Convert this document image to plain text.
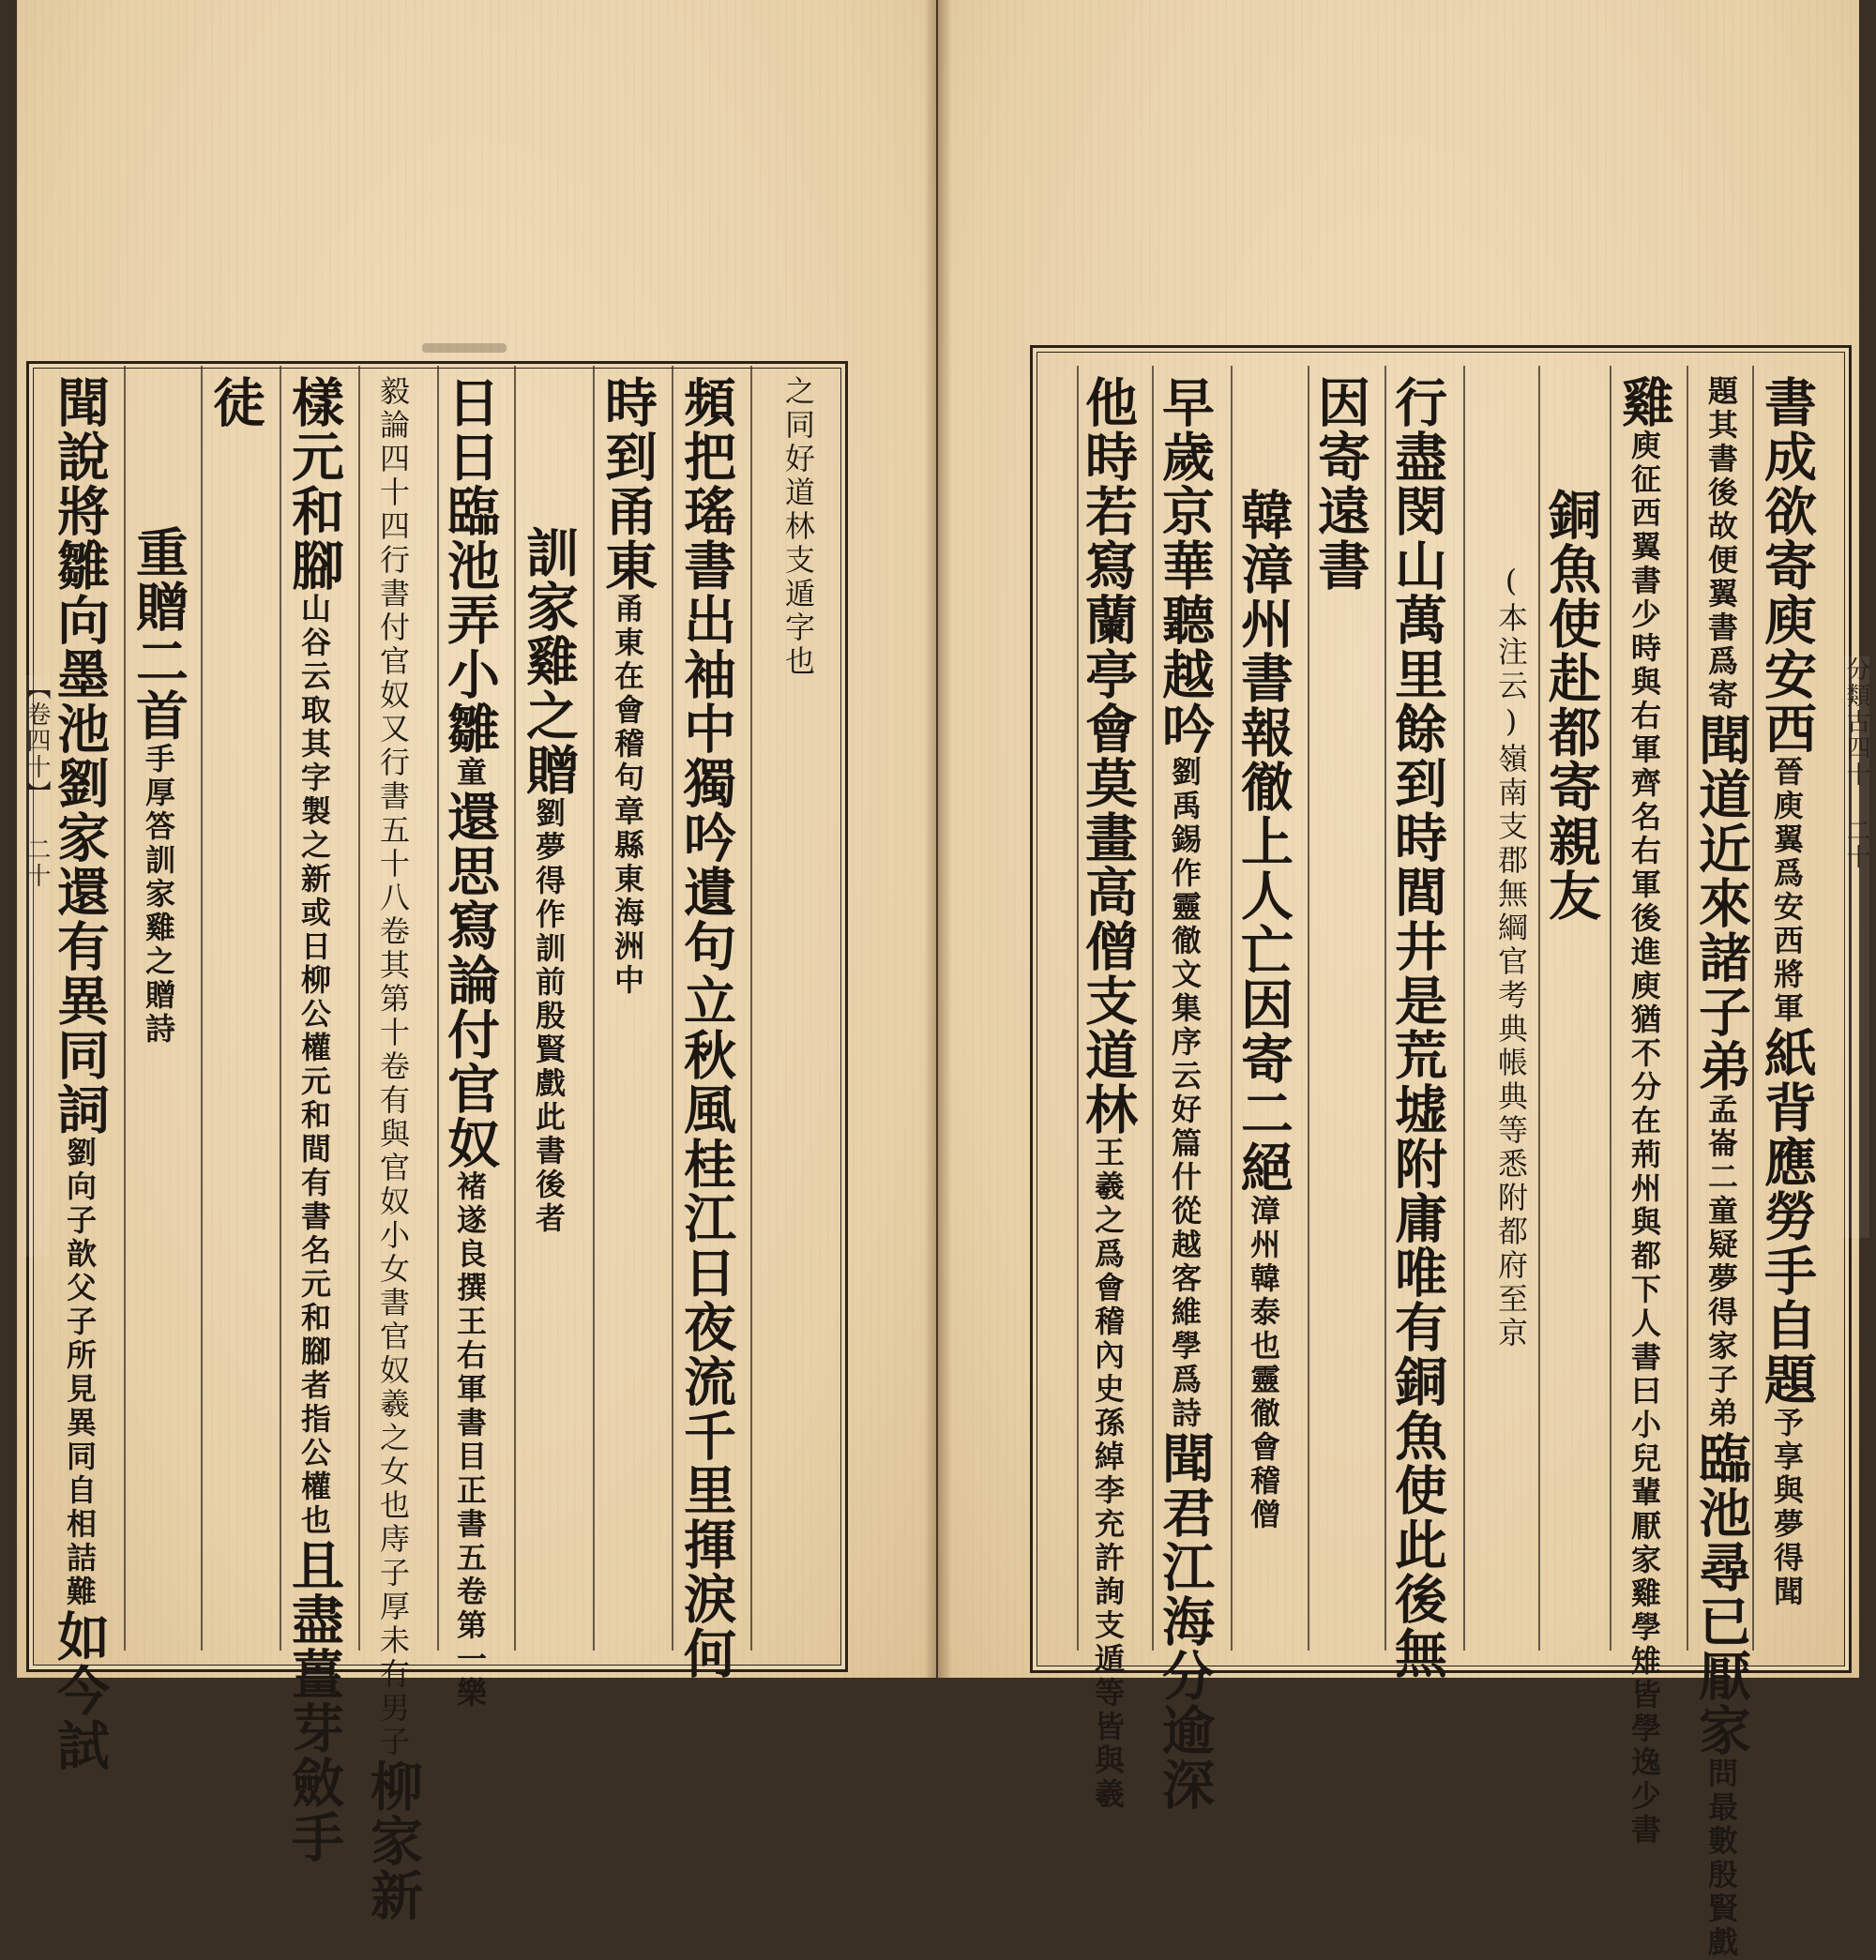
【卷四十】 二十	分類古四十 二十
書成欲寄庾安西晉庾翼爲安西將軍紙背應勞手自題予享與夢得聞
題其書後故便翼書爲寄聞道近來諸子弟孟崙二童疑夢得家子弟臨池尋已厭家問最數殷賢戲
雞庾征西翼書少時與右軍齊名右軍後進庾猶不分在荊州與都下人書曰小兒輩厭家雞學雉皆學逸少書
銅魚使赴都寄親友
(本注云)嶺南支郡無綱官考典帳典等悉附都府至京
行盡閔山萬里餘到時閭井是荒墟附庸唯有銅魚使此後無
因寄遠書
韓漳州書報徹上人亡因寄二絕漳州韓泰也靈徹會稽僧
早歲京華聽越吟劉禹錫作靈徹文集序云好篇什從越客維學爲詩聞君江海分逾深
他時若寫蘭亭會莫畫高僧支道林王羲之爲會稽內史孫綽李充許詢支遁等皆與羲
之同好道林支遁字也
頻把瑤書出袖中獨吟遺句立秋風桂江日夜流千里揮淚何
時到甬東甬東在會稽句章縣東海洲中
訓家雞之贈劉夢得作訓前殷賢戲此書後者
日日臨池弄小雛童還思寫論付官奴褚遂良撰王右軍書目正書五卷第一樂
毅論四十四行書付官奴又行書五十八卷其第十卷有與官奴小女書官奴羲之女也庤子厚未有男子柳家新
樣元和腳山谷云取其字製之新或日柳公權元和間有書名元和腳者指公權也且盡薑芽斂手
徒
重贈二首手厚答訓家雞之贈詩
聞說將雛向墨池劉家還有異同詞劉向子歆父子所見異同自相詰難如今試
